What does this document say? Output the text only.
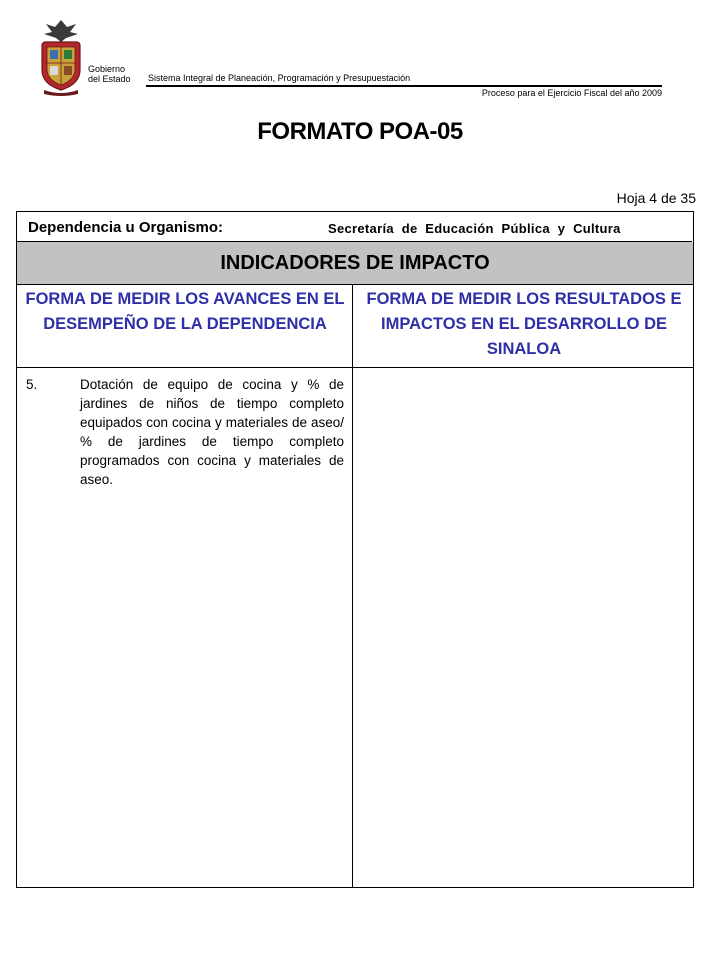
Gobierno
del Estado Sistema Integral de Planeación, Programación y Presupuestación
Proceso para el Ejercicio Fiscal del año 2009
FORMATO POA-05
Hoja 4 de 35
Dependencia u Organismo:	Secretaría  de  Educación  Pública  y  Cultura
INDICADORES DE IMPACTO
FORMA DE MEDIR LOS AVANCES EN EL DESEMPEÑO DE LA DEPENDENCIA
FORMA DE MEDIR LOS RESULTADOS E IMPACTOS EN EL DESARROLLO DE SINALOA
5.	Dotación de equipo de cocina y % de jardines de niños de tiempo completo equipados con cocina y materiales de aseo/ % de jardines de tiempo completo programados con cocina y materiales de aseo.
